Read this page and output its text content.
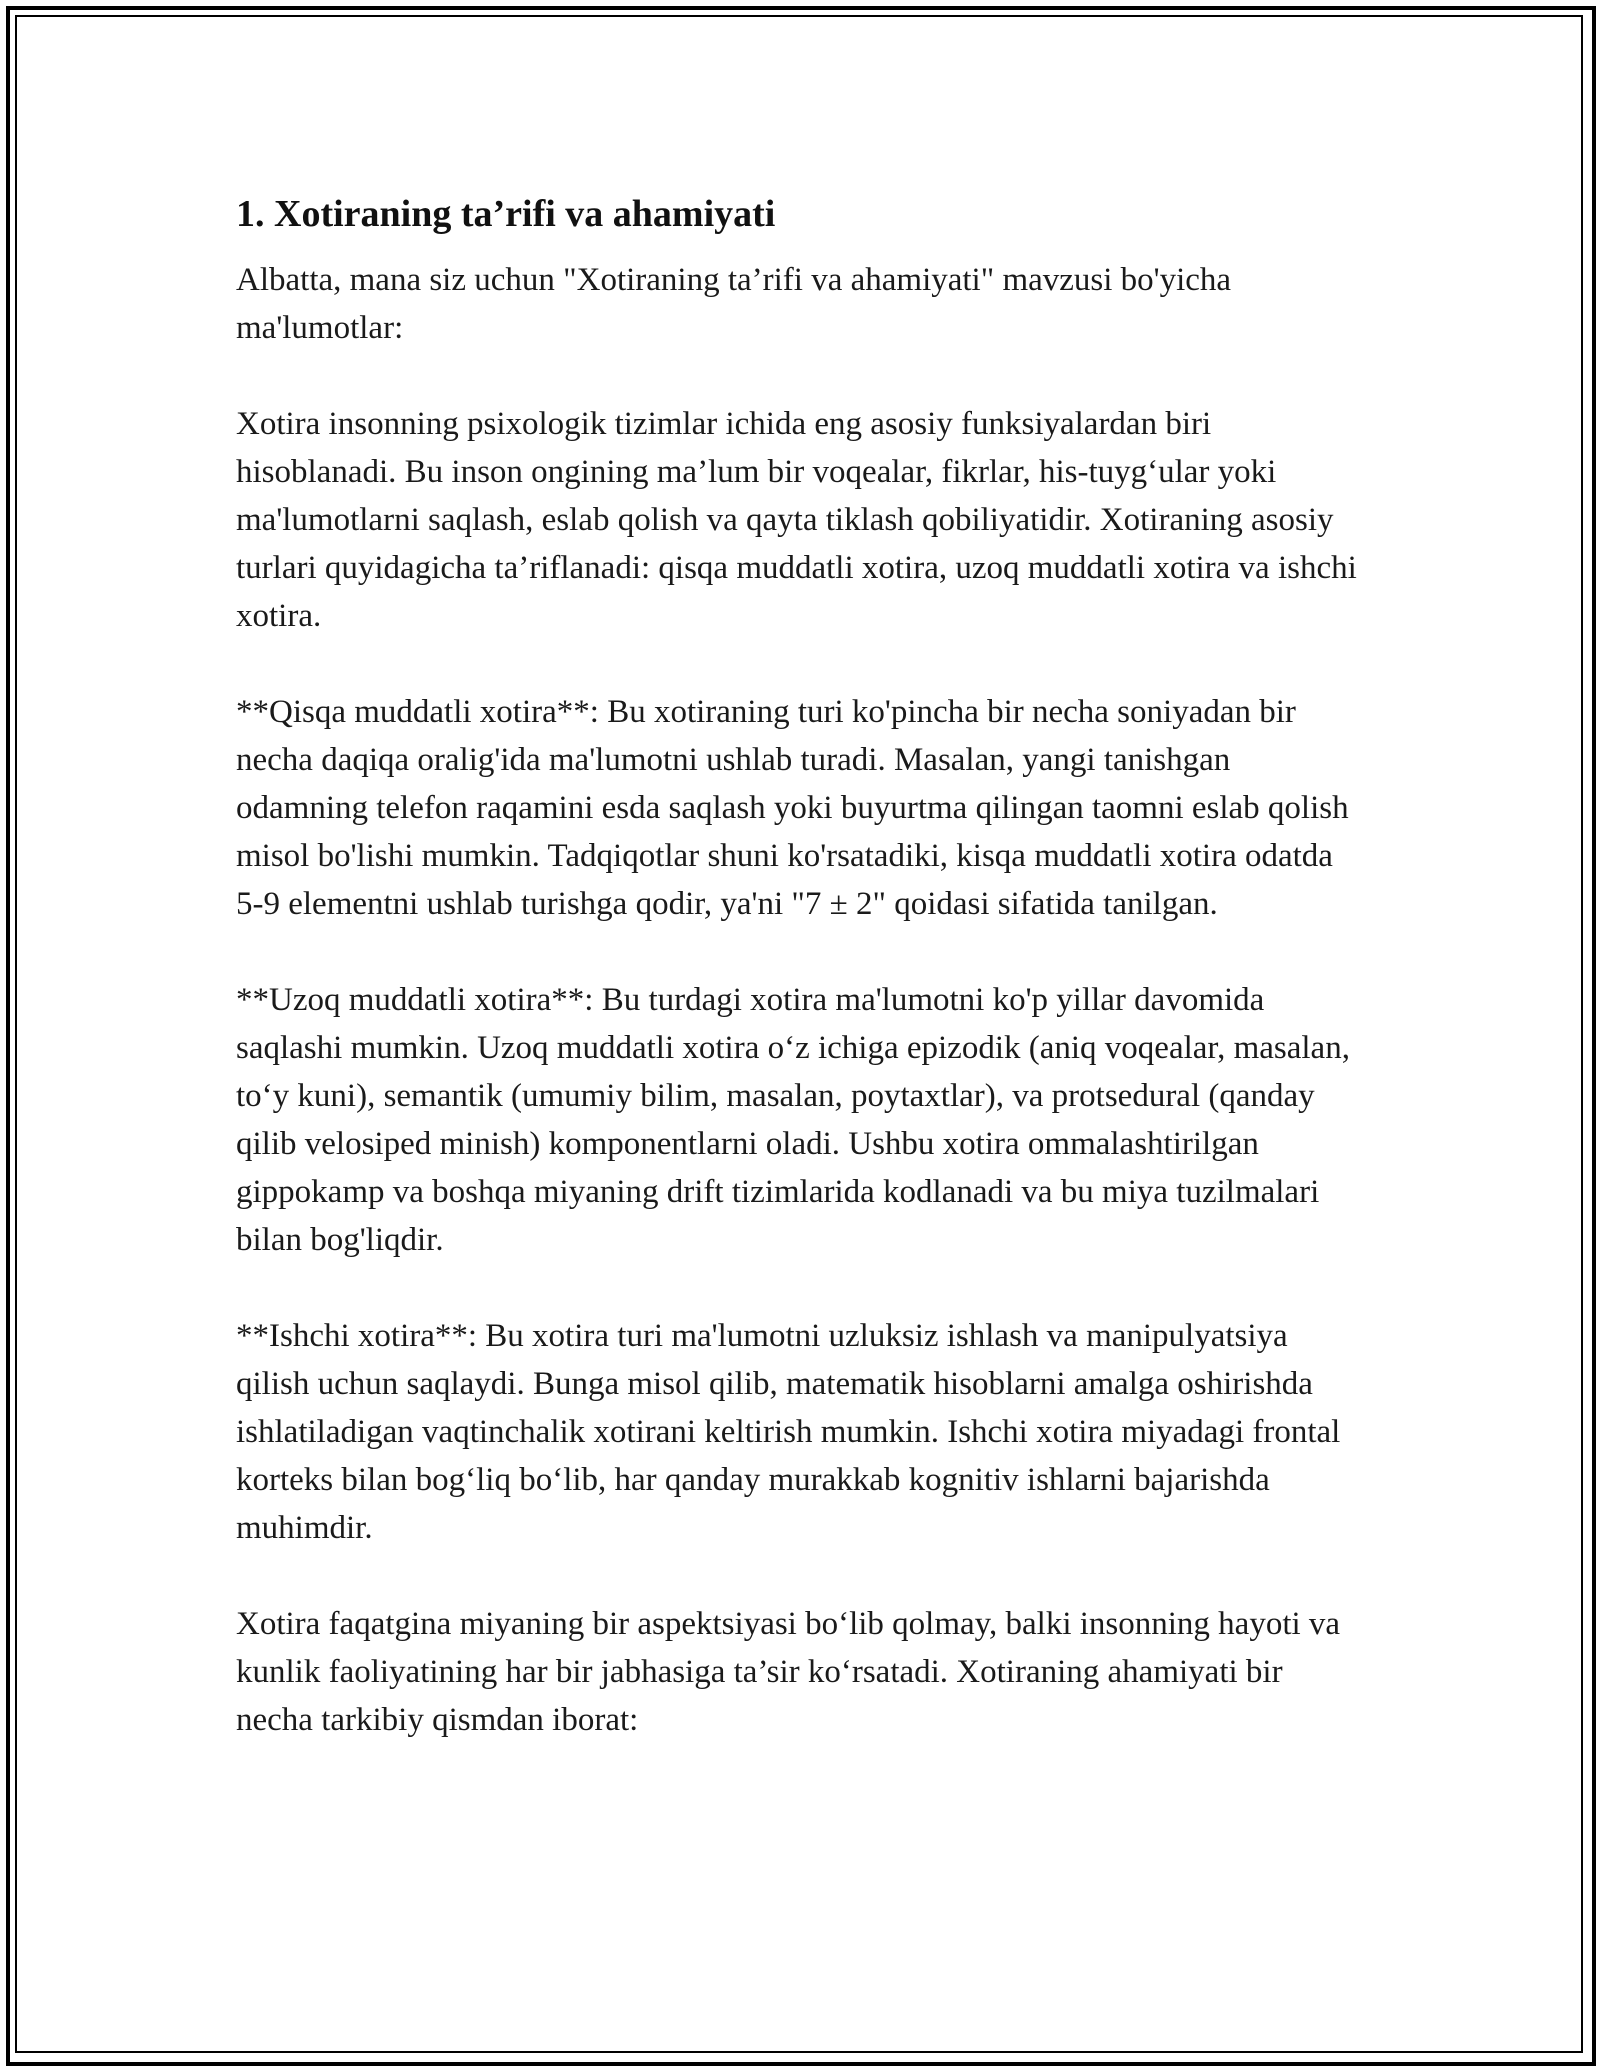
1. Xotiraning ta’rifi va ahamiyati

Albatta, mana siz uchun "Xotiraning ta’rifi va ahamiyati" mavzusi bo'yicha ma'lumotlar:

Xotira insonning psixologik tizimlar ichida eng asosiy funksiyalardan biri hisoblanadi. Bu inson ongining ma’lum bir voqealar, fikrlar, his-tuyg‘ular yoki ma'lumotlarni saqlash, eslab qolish va qayta tiklash qobiliyatidir. Xotiraning asosiy turlari quyidagicha ta’riflanadi: qisqa muddatli xotira, uzoq muddatli xotira va ishchi xotira.

**Qisqa muddatli xotira**: Bu xotiraning turi ko'pincha bir necha soniyadan bir necha daqiqa oralig'ida ma'lumotni ushlab turadi. Masalan, yangi tanishgan odamning telefon raqamini esda saqlash yoki buyurtma qilingan taomni eslab qolish misol bo'lishi mumkin. Tadqiqotlar shuni ko'rsatadiki, kisqa muddatli xotira odatda 5-9 elementni ushlab turishga qodir, ya'ni "7 ± 2" qoidasi sifatida tanilgan.

**Uzoq muddatli xotira**: Bu turdagi xotira ma'lumotni ko'p yillar davomida saqlashi mumkin. Uzoq muddatli xotira o‘z ichiga epizodik (aniq voqealar, masalan, to‘y kuni), semantik (umumiy bilim, masalan, poytaxtlar), va protsedural (qanday qilib velosiped minish) komponentlarni oladi. Ushbu xotira ommalashtirilgan gippokamp va boshqa miyaning drift tizimlarida kodlanadi va bu miya tuzilmalari bilan bog'liqdir.

**Ishchi xotira**: Bu xotira turi ma'lumotni uzluksiz ishlash va manipulyatsiya qilish uchun saqlaydi. Bunga misol qilib, matematik hisoblarni amalga oshirishda ishlatiladigan vaqtinchalik xotirani keltirish mumkin. Ishchi xotira miyadagi frontal korteks bilan bog‘liq bo‘lib, har qanday murakkab kognitiv ishlarni bajarishda muhimdir.

Xotira faqatgina miyaning bir aspektsiyasi bo‘lib qolmay, balki insonning hayoti va kunlik faoliyatining har bir jabhasiga ta’sir ko‘rsatadi. Xotiraning ahamiyati bir necha tarkibiy qismdan iborat:
